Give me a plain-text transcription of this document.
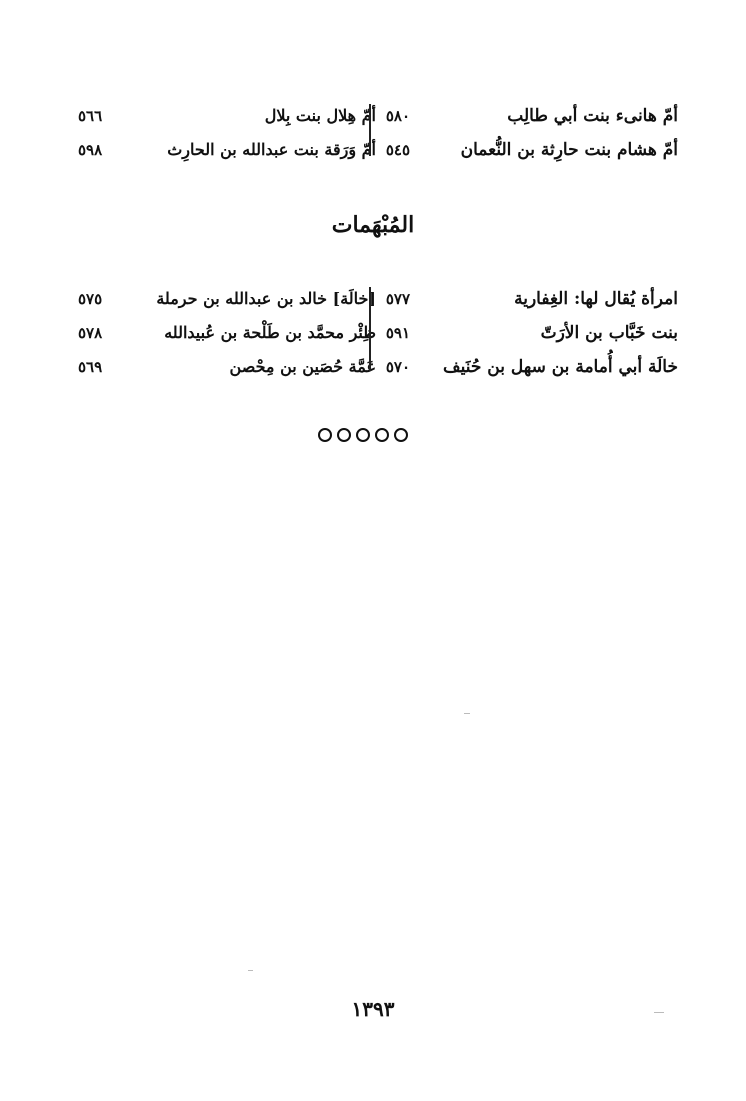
أمّ هانىء بنت أبي طالِب
٥٨٠
أمّ هِلال بنت بِلال
٥٦٦
أمّ هشام بنت حارِثة بن النُّعمان
٥٤٥
أمّ وَرَقة بنت عبدالله بن الحارِث
٥٩٨
المُبْهَمات
امرأة يُقال لها: الغِفارية
٥٧٧
[خالَة] خالد بن عبدالله بن حرملة
٥٧٥
بنت خَبَّاب بن الأرَتّ
٥٩١
ظِئْر محمَّد بن طَلْحة بن عُبيدالله
٥٧٨
خالَة أبي أُمامة بن سهل بن حُنَيف
٥٧٠
عَمَّة حُصَين بن مِحْصن
٥٦٩
١٣٩٣
